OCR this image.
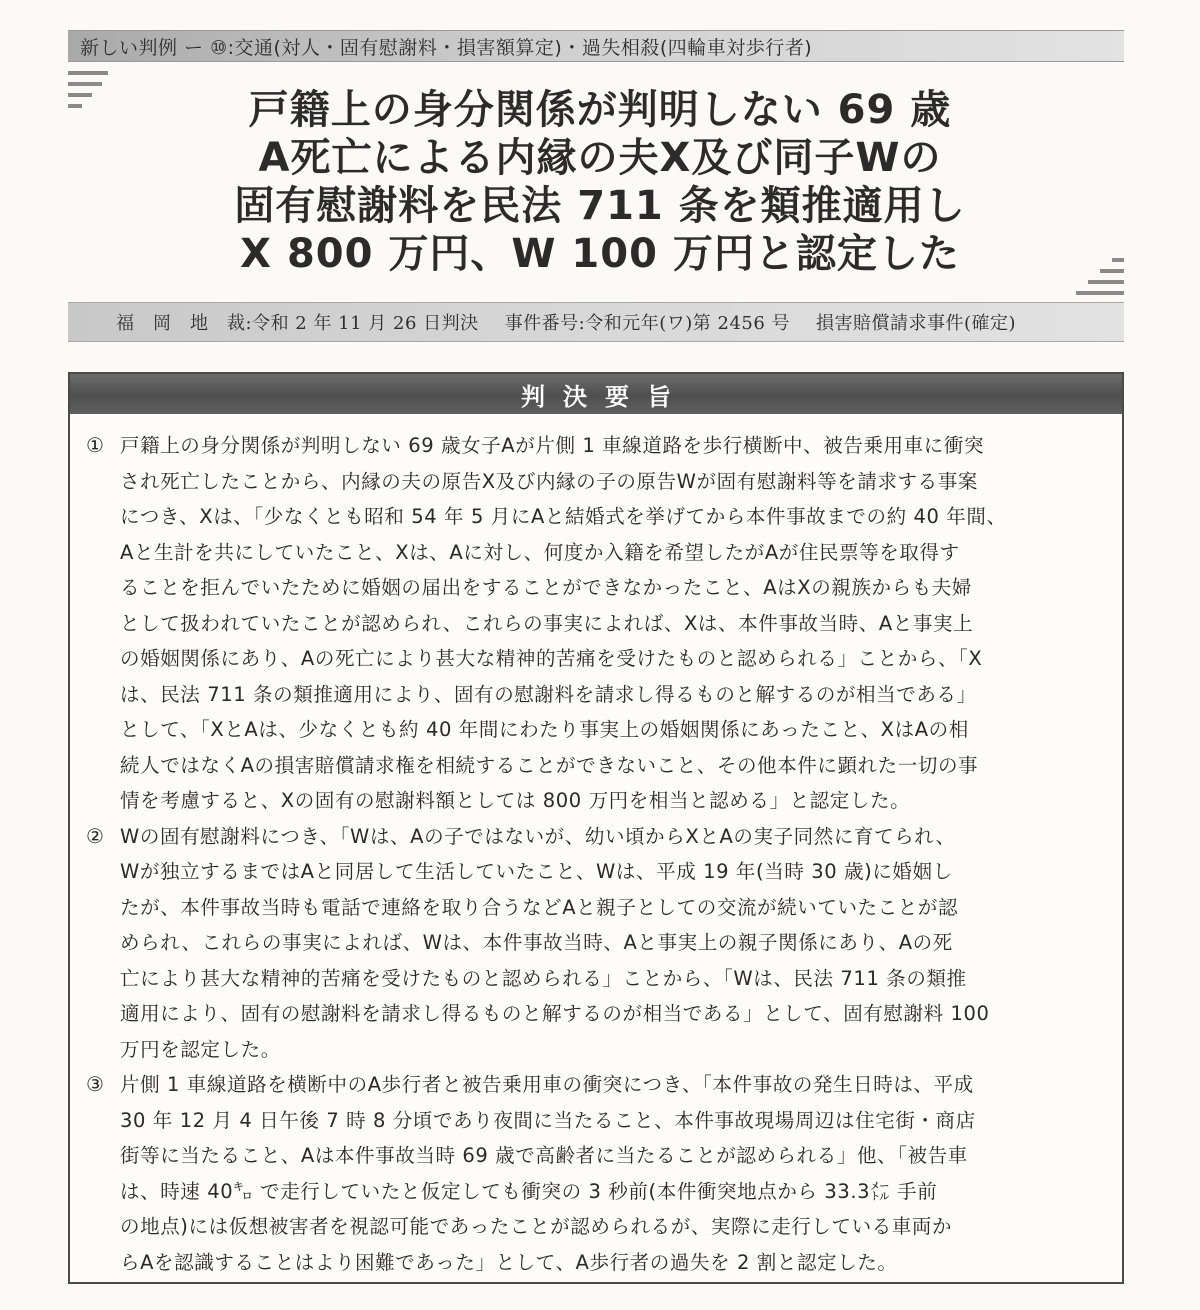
新しい判例 ー ⑩:交通(対人・固有慰謝料・損害額算定)・過失相殺(四輪車対歩行者)
戸籍上の身分関係が判明しない 69 歳
A死亡による内縁の夫X及び同子Wの
固有慰謝料を民法 711 条を類推適用し
X 800 万円、W 100 万円と認定した
福　岡　地　裁:令和 2 年 11 月 26 日判決 事件番号:令和元年(ワ)第 2456 号 損害賠償請求事件(確定)
判決要旨
① 戸籍上の身分関係が判明しない 69 歳女子Aが片側 1 車線道路を歩行横断中、被告乗用車に衝突
され死亡したことから、内縁の夫の原告X及び内縁の子の原告Wが固有慰謝料等を請求する事案
につき、Xは、「少なくとも昭和 54 年 5 月にAと結婚式を挙げてから本件事故までの約 40 年間、
Aと生計を共にしていたこと、Xは、Aに対し、何度か入籍を希望したがAが住民票等を取得す
ることを拒んでいたために婚姻の届出をすることができなかったこと、AはXの親族からも夫婦
として扱われていたことが認められ、これらの事実によれば、Xは、本件事故当時、Aと事実上
の婚姻関係にあり、Aの死亡により甚大な精神的苦痛を受けたものと認められる」ことから、「X
は、民法 711 条の類推適用により、固有の慰謝料を請求し得るものと解するのが相当である」
として、「XとAは、少なくとも約 40 年間にわたり事実上の婚姻関係にあったこと、XはAの相
続人ではなくAの損害賠償請求権を相続することができないこと、その他本件に顕れた一切の事
情を考慮すると、Xの固有の慰謝料額としては 800 万円を相当と認める」と認定した。
② Wの固有慰謝料につき、「Wは、Aの子ではないが、幼い頃からXとAの実子同然に育てられ、
Wが独立するまではAと同居して生活していたこと、Wは、平成 19 年(当時 30 歳)に婚姻し
たが、本件事故当時も電話で連絡を取り合うなどAと親子としての交流が続いていたことが認
められ、これらの事実によれば、Wは、本件事故当時、Aと事実上の親子関係にあり、Aの死
亡により甚大な精神的苦痛を受けたものと認められる」ことから、「Wは、民法 711 条の類推
適用により、固有の慰謝料を請求し得るものと解するのが相当である」として、固有慰謝料 100
万円を認定した。
③ 片側 1 車線道路を横断中のA歩行者と被告乗用車の衝突につき、「本件事故の発生日時は、平成
30 年 12 月 4 日午後 7 時 8 分頃であり夜間に当たること、本件事故現場周辺は住宅街・商店
街等に当たること、Aは本件事故当時 69 歳で高齢者に当たることが認められる」他、「被告車
は、時速 40㌔ で走行していたと仮定しても衝突の 3 秒前(本件衝突地点から 33.3㍍ 手前
の地点)には仮想被害者を視認可能であったことが認められるが、実際に走行している車両か
らAを認識することはより困難であった」として、A歩行者の過失を 2 割と認定した。
